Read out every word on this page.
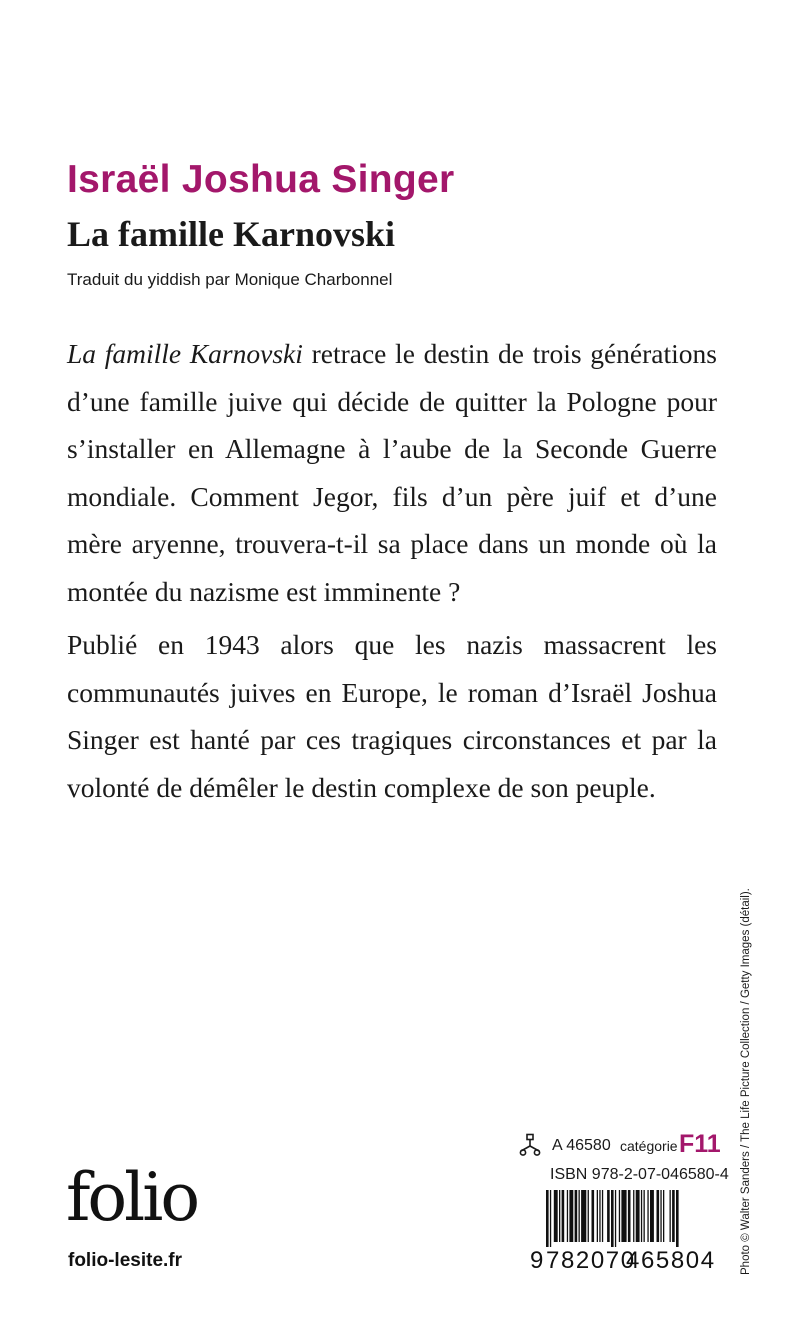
Israël Joshua Singer
La famille Karnovski

Traduit du yiddish par Monique Charbonnel

La famille Karnovski retrace le destin de trois générations d’une famille juive qui décide de quitter la Pologne pour s’installer en Allemagne à l’aube de la Seconde Guerre mondiale. Comment Jegor, fils d’un père juif et d’une mère aryenne, trouvera-t-il sa place dans un monde où la montée du nazisme est imminente ?

Publié en 1943 alors que les nazis massacrent les communautés juives en Europe, le roman d’Israël Joshua Singer est hanté par ces tragiques circonstances et par la volonté de démêler le destin complexe de son peuple.

Photo © Walter Sanders / The Life Picture Collection / Getty Images (détail).
A 46580 catégorie F11
ISBN 978-2-07-046580-4
folio
folio-lesite.fr	9 782070
465804
